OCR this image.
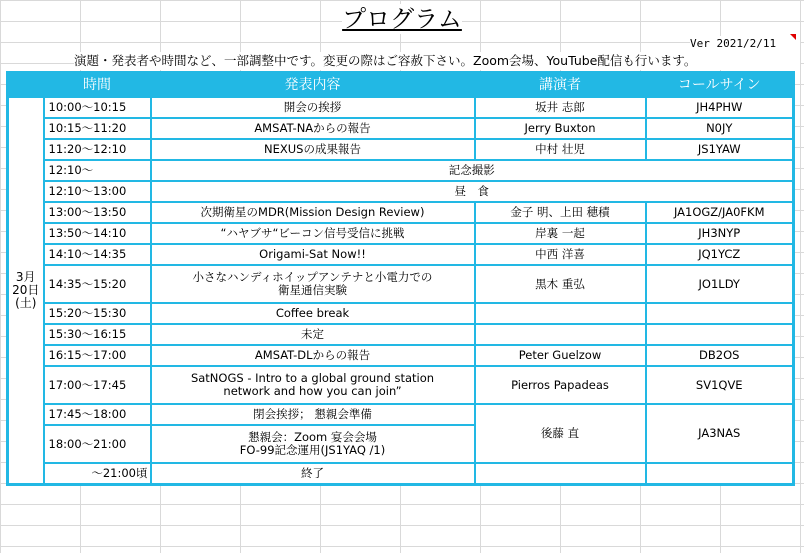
プログラム
Ver 2021/2/11
演題・発表者や時間など、一部調整中です。変更の際はご容赦下さい。Zoom会場、YouTube配信も行います。
	時間	発表内容	講演者	コールサイン

3月
20日
(土)	10:00〜10:15	開会の挨拶	坂井 志郎	JH4PHW
	10:15〜11:20	AMSAT-NAからの報告	Jerry Buxton	N0JY
	11:20〜12:10	NEXUSの成果報告	中村 壮児	JS1YAW
	12:10〜	記念撮影		
	12:10〜13:00	昼　食		
	13:00〜13:50	次期衛星のMDR(Mission Design Review)	金子 明、上田 穂積	JA1OGZ/JA0FKM
	13:50〜14:10	“ハヤブサ“ビーコン信号受信に挑戦	岸裏 一起	JH3NYP
	14:10〜14:35	Origami-Sat Now!!	中西 洋喜	JQ1YCZ
	14:35〜15:20	小さなハンディホイップアンテナと小電力での
衛星通信実験	黒木 重弘	JO1LDY
	15:20〜15:30	Coffee break		
	15:30〜16:15	未定		
	16:15〜17:00	AMSAT-DLからの報告	Peter Guelzow	DB2OS
	17:00〜17:45	SatNOGS - Intro to a global ground station
network and how you can join”	Pierros Papadeas	SV1QVE
	17:45〜18:00	閉会挨拶； 懇親会準備	後藤 直	JA3NAS
	18:00〜21:00	懇親会：Zoom 宴会会場
FO-99記念運用(JS1YAQ /1)		

	〜21:00頃	終了		
